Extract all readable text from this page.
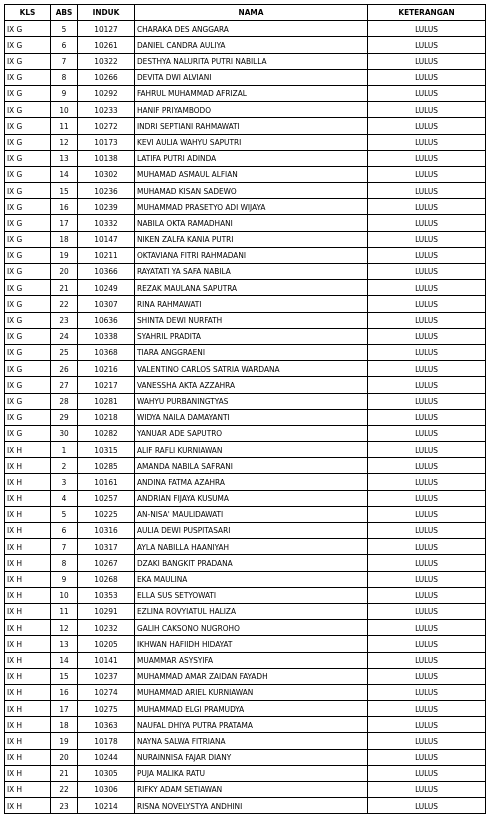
KLS	ABS	INDUK	NAMA	KETERANGAN
IX G	5	10127	CHARAKA DES ANGGARA	LULUS
IX G	6	10261	DANIEL CANDRA AULIYA	LULUS
IX G	7	10322	DESTHYA NALURITA PUTRI NABILLA	LULUS
IX G	8	10266	DEVITA DWI ALVIANI	LULUS
IX G	9	10292	FAHRUL MUHAMMAD AFRIZAL	LULUS
IX G	10	10233	HANIF PRIYAMBODO	LULUS
IX G	11	10272	INDRI SEPTIANI RAHMAWATI	LULUS
IX G	12	10173	KEVI AULIA WAHYU SAPUTRI	LULUS
IX G	13	10138	LATIFA PUTRI ADINDA	LULUS
IX G	14	10302	MUHAMAD ASMAUL ALFIAN	LULUS
IX G	15	10236	MUHAMAD KISAN SADEWO	LULUS
IX G	16	10239	MUHAMMAD PRASETYO ADI WIJAYA	LULUS
IX G	17	10332	NABILA OKTA RAMADHANI	LULUS
IX G	18	10147	NIKEN ZALFA KANIA PUTRI	LULUS
IX G	19	10211	OKTAVIANA FITRI RAHMADANI	LULUS
IX G	20	10366	RAYATATI YA SAFA NABILA	LULUS
IX G	21	10249	REZAK MAULANA SAPUTRA	LULUS
IX G	22	10307	RINA RAHMAWATI	LULUS
IX G	23	10636	SHINTA DEWI NURFATH	LULUS
IX G	24	10338	SYAHRIL PRADITA	LULUS
IX G	25	10368	TIARA ANGGRAENI	LULUS
IX G	26	10216	VALENTINO CARLOS SATRIA WARDANA	LULUS
IX G	27	10217	VANESSHA AKTA AZZAHRA	LULUS
IX G	28	10281	WAHYU PURBANINGTYAS	LULUS
IX G	29	10218	WIDYA NAILA DAMAYANTI	LULUS
IX G	30	10282	YANUAR ADE SAPUTRO	LULUS
IX H	1	10315	ALIF RAFLI KURNIAWAN	LULUS
IX H	2	10285	AMANDA NABILA SAFRANI	LULUS
IX H	3	10161	ANDINA FATMA AZAHRA	LULUS
IX H	4	10257	ANDRIAN FIJAYA KUSUMA	LULUS
IX H	5	10225	AN-NISA' MAULIDAWATI	LULUS
IX H	6	10316	AULIA DEWI PUSPITASARI	LULUS
IX H	7	10317	AYLA NABILLA HAANIYAH	LULUS
IX H	8	10267	DZAKI BANGKIT PRADANA	LULUS
IX H	9	10268	EKA MAULINA	LULUS
IX H	10	10353	ELLA SUS SETYOWATI	LULUS
IX H	11	10291	EZLINA ROVYIATUL HALIZA	LULUS
IX H	12	10232	GALIH CAKSONO NUGROHO	LULUS
IX H	13	10205	IKHWAN HAFIIDH HIDAYAT	LULUS
IX H	14	10141	MUAMMAR ASYSYIFA	LULUS
IX H	15	10237	MUHAMMAD AMAR ZAIDAN FAYADH	LULUS
IX H	16	10274	MUHAMMAD ARIEL KURNIAWAN	LULUS
IX H	17	10275	MUHAMMAD ELGI PRAMUDYA	LULUS
IX H	18	10363	NAUFAL DHIYA PUTRA PRATAMA	LULUS
IX H	19	10178	NAYNA SALWA FITRIANA	LULUS
IX H	20	10244	NURAINNISA FAJAR DIANY	LULUS
IX H	21	10305	PUJA MALIKA RATU	LULUS
IX H	22	10306	RIFKY ADAM SETIAWAN	LULUS
IX H	23	10214	RISNA NOVELYSTYA ANDHINI	LULUS
